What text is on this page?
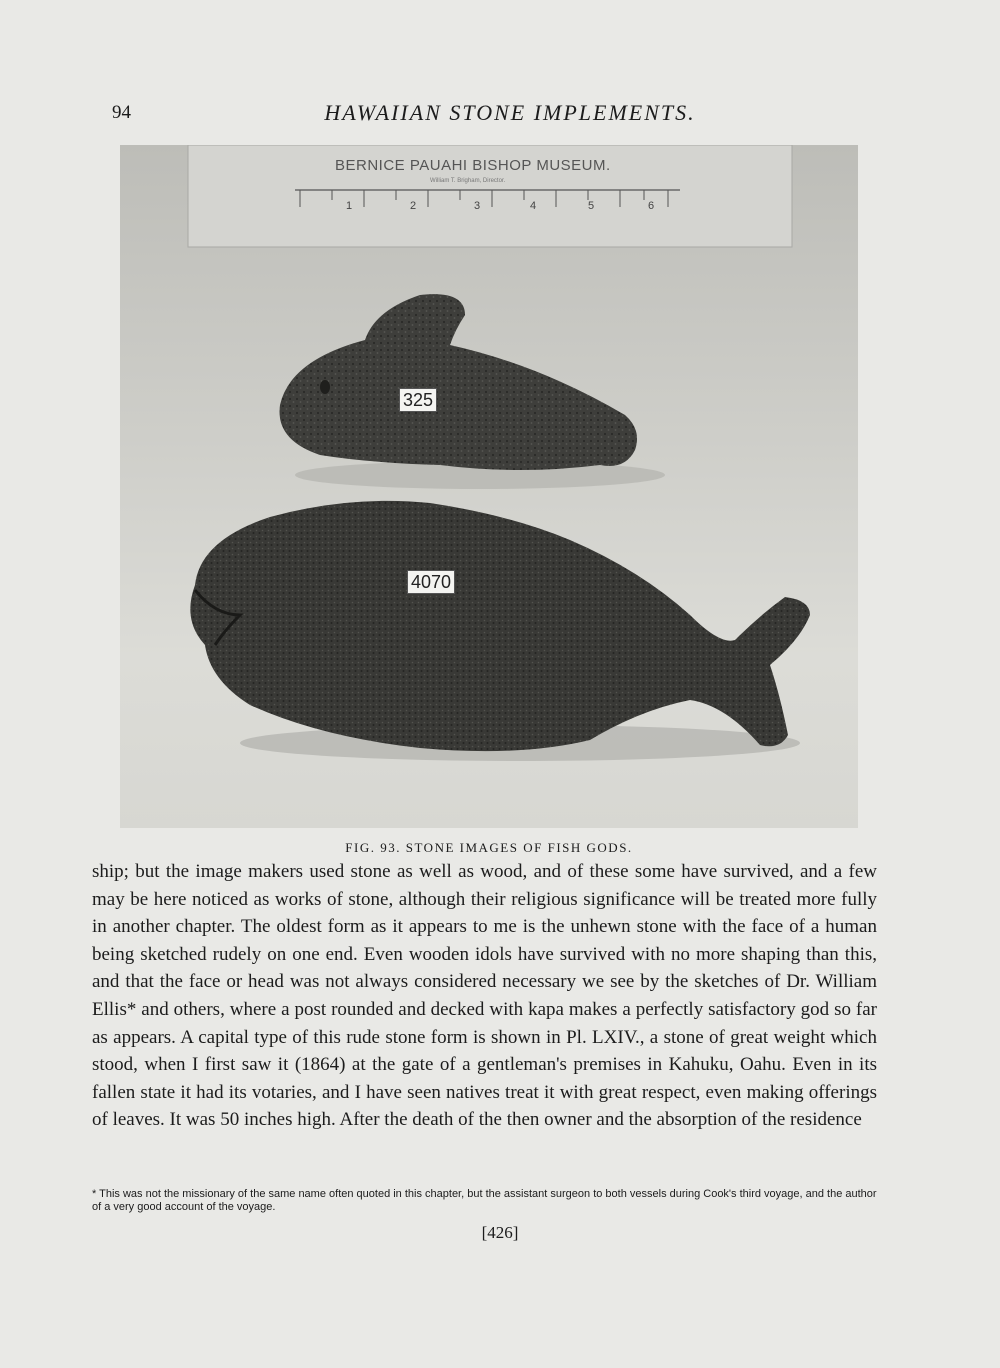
94	HAWAIIAN STONE IMPLEMENTS.
BERNICE PAUAHI BISHOP MUSEUM.
William T. Brigham, Director.
1	2	3	4	5	6
325
4070
FIG. 93. STONE IMAGES OF FISH GODS.

ship; but the image makers used stone as well as wood, and of these some have survived, and a few may be here noticed as works of stone, although their religious significance will be treated more fully in another chapter. The oldest form as it appears to me is the unhewn stone with the face of a human being sketched rudely on one end. Even wooden idols have survived with no more shaping than this, and that the face or head was not always considered necessary we see by the sketches of Dr. William Ellis* and others, where a post rounded and decked with kapa makes a perfectly satisfactory god so far as appears. A capital type of this rude stone form is shown in Pl. LXIV., a stone of great weight which stood, when I first saw it (1864) at the gate of a gentleman's premises in Kahuku, Oahu. Even in its fallen state it had its votaries, and I have seen natives treat it with great respect, even making offerings of leaves. It was 50 inches high. After the death of the then owner and the absorption of the residence

* This was not the missionary of the same name often quoted in this chapter, but the assistant surgeon to both vessels during Cook's third voyage, and the author of a very good account of the voyage.
[426]
